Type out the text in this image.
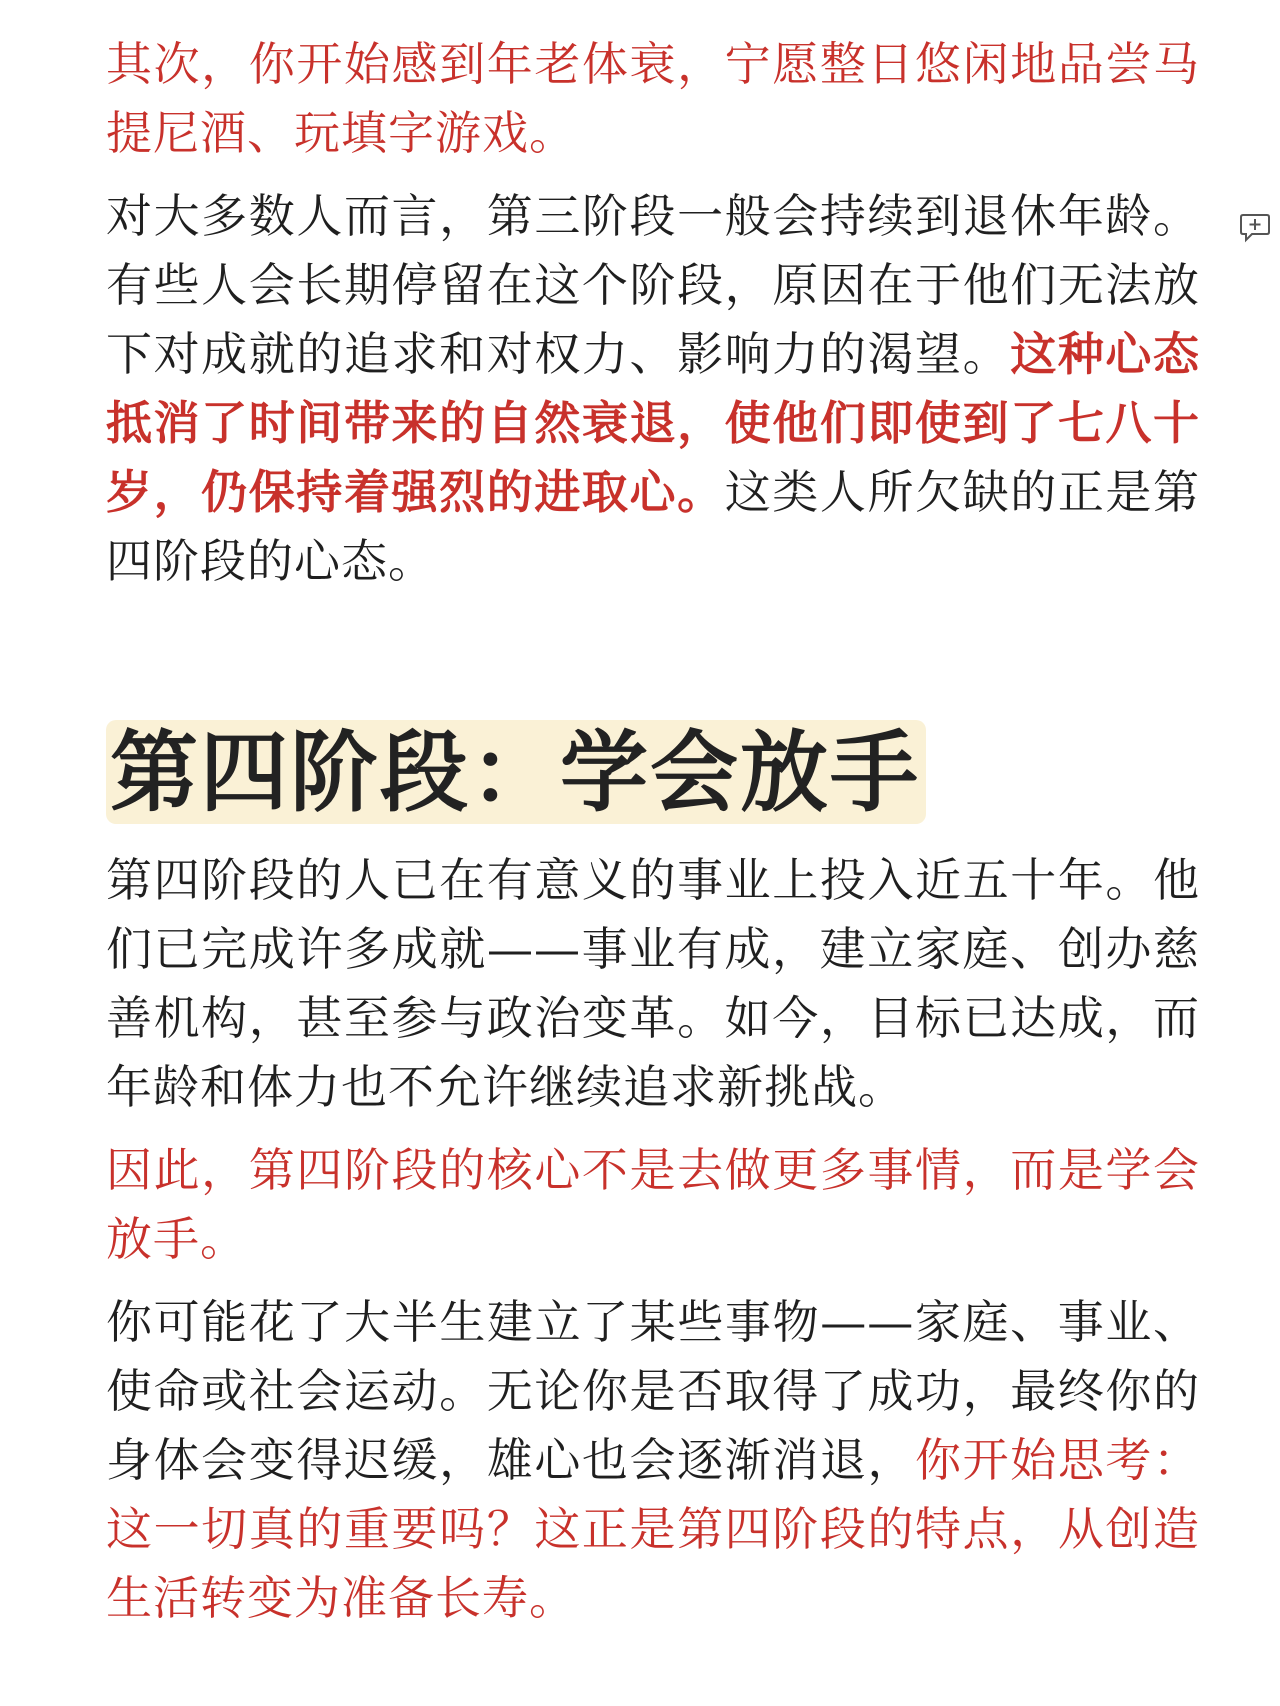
其次，你开始感到年老体衰，宁愿整日悠闲地品尝马提尼酒、玩填字游戏。

对大多数人而言，第三阶段一般会持续到退休年龄。有些人会长期停留在这个阶段，原因在于他们无法放下对成就的追求和对权力、影响力的渴望。这种心态抵消了时间带来的自然衰退，使他们即使到了七八十岁，仍保持着强烈的进取心。这类人所欠缺的正是第四阶段的心态。

第四阶段：学会放手

第四阶段的人已在有意义的事业上投入近五十年。他们已完成许多成就——事业有成，建立家庭、创办慈善机构，甚至参与政治变革。如今，目标已达成，而年龄和体力也不允许继续追求新挑战。

因此，第四阶段的核心不是去做更多事情，而是学会放手。

你可能花了大半生建立了某些事物——家庭、事业、使命或社会运动。无论你是否取得了成功，最终你的身体会变得迟缓，雄心也会逐渐消退，你开始思考：这一切真的重要吗？这正是第四阶段的特点，从创造生活转变为准备长寿。
